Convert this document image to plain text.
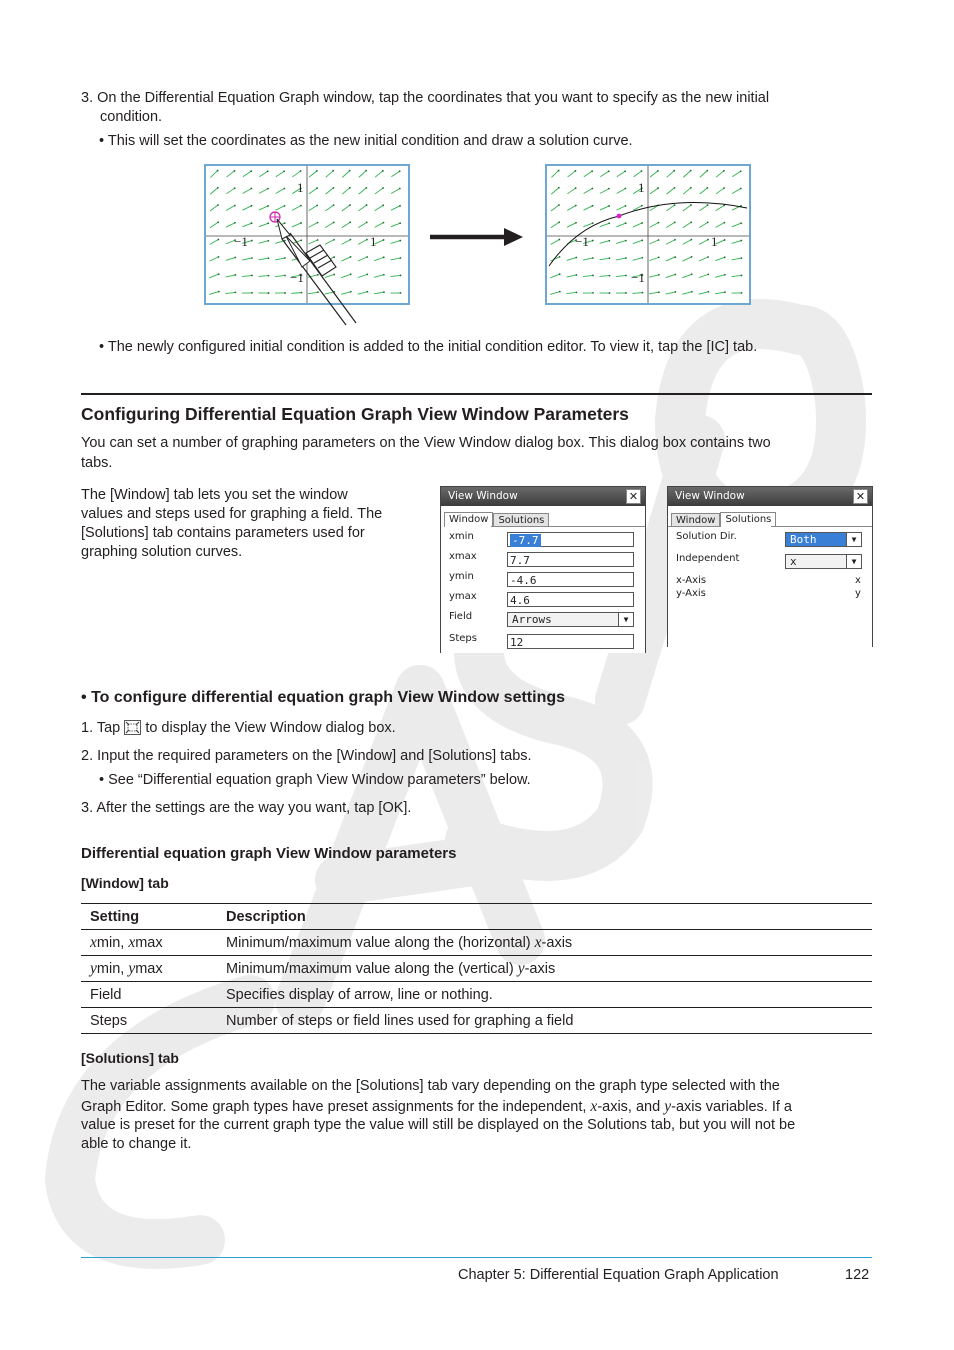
3. On the Differential Equation Graph window, tap the coordinates that you want to specify as the new initial
condition.
• This will set the coordinates as the new initial condition and draw a solution curve.
1
−1	1
−1
1
−1	1
−1
• The newly configured initial condition is added to the initial condition editor. To view it, tap the [IC] tab.
Configuring Differential Equation Graph View Window Parameters
You can set a number of graphing parameters on the View Window dialog box. This dialog box contains two
tabs.
The [Window] tab lets you set the window
values and steps used for graphing a field. The
[Solutions] tab contains parameters used for
graphing solution curves.
View Window	✕
Window Solutions
xmin	-7.7
xmax	7.7
ymin	-4.6
ymax	4.6
Field	Arrows	▼
Steps	12
View Window	✕
Window Solutions
Solution Dir.	Both	▼
Independent	x	▼
x-Axis	x
y-Axis	y
• To configure differential equation graph View Window settings
1. Tap to display the View Window dialog box.
2. Input the required parameters on the [Window] and [Solutions] tabs.
• See “Differential equation graph View Window parameters” below.
3. After the settings are the way you want, tap [OK].
Differential equation graph View Window parameters
[Window] tab
Setting	Description
xmin, xmax	Minimum/maximum value along the (horizontal) x-axis
ymin, ymax	Minimum/maximum value along the (vertical) y-axis
Field	Specifies display of arrow, line or nothing.
Steps	Number of steps or field lines used for graphing a field
[Solutions] tab
The variable assignments available on the [Solutions] tab vary depending on the graph type selected with the
Graph Editor. Some graph types have preset assignments for the independent, x-axis, and y-axis variables. If a
value is preset for the current graph type the value will still be displayed on the Solutions tab, but you will not be
able to change it.
Chapter 5: Differential Equation Graph Application	122
